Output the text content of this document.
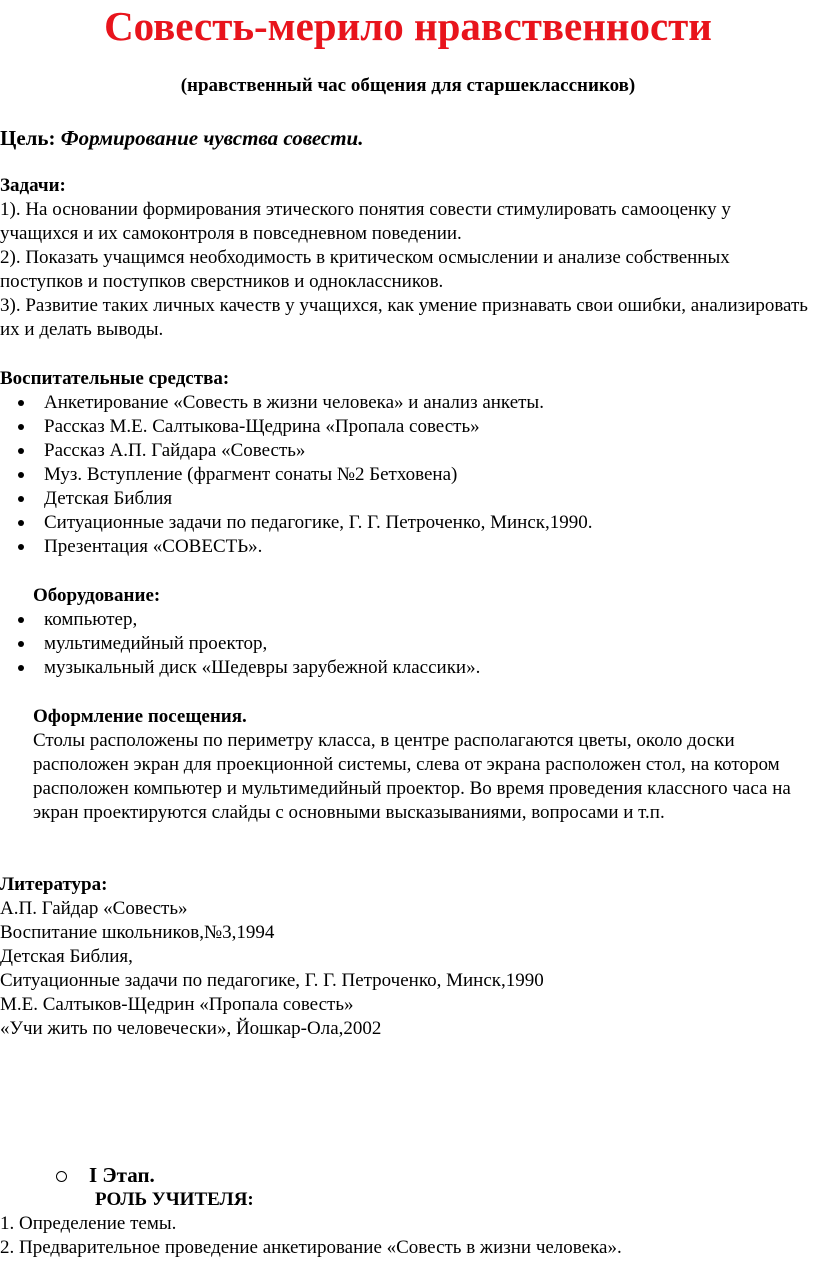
Совесть-мерило нравственности
(нравственный час общения для старшеклассников)
Цель: Формирование чувства совести.
Задачи:
1). На основании формирования этического понятия совести стимулировать самооценку у учащихся и их самоконтроля в повседневном поведении.
2). Показать учащимся необходимость в критическом осмыслении и анализе собственных поступков и поступков сверстников и одноклассников.
3). Развитие таких личных качеств у учащихся, как умение признавать свои ошибки, анализировать их и делать выводы.
Воспитательные средства:
Анкетирование «Совесть в жизни человека» и анализ анкеты.
Рассказ М.Е. Салтыкова-Щедрина «Пропала совесть»
Рассказ А.П. Гайдара «Совесть»
Муз. Вступление (фрагмент сонаты №2 Бетховена)
Детская Библия
Ситуационные задачи по педагогике, Г. Г. Петроченко, Минск,1990.
Презентация «СОВЕСТЬ».
Оборудование:
компьютер,
мультимедийный проектор,
музыкальный диск «Шедевры зарубежной классики».
Оформление посещения.
Столы расположены по периметру класса, в центре располагаются цветы, около доски расположен экран для проекционной системы, слева от экрана расположен стол, на котором расположен компьютер и мультимедийный проектор. Во время проведения классного часа на экран проектируются слайды с основными высказываниями, вопросами и т.п.
Литература:
А.П. Гайдар «Совесть»
Воспитание школьников,№3,1994
Детская Библия,
Ситуационные задачи по педагогике, Г. Г. Петроченко, Минск,1990
М.Е. Салтыков-Щедрин «Пропала совесть»
«Учи жить по человечески», Йошкар-Ола,2002
I Этап.
РОЛЬ УЧИТЕЛЯ:
1. Определение темы.
2. Предварительное проведение анкетирование «Совесть в жизни человека».
